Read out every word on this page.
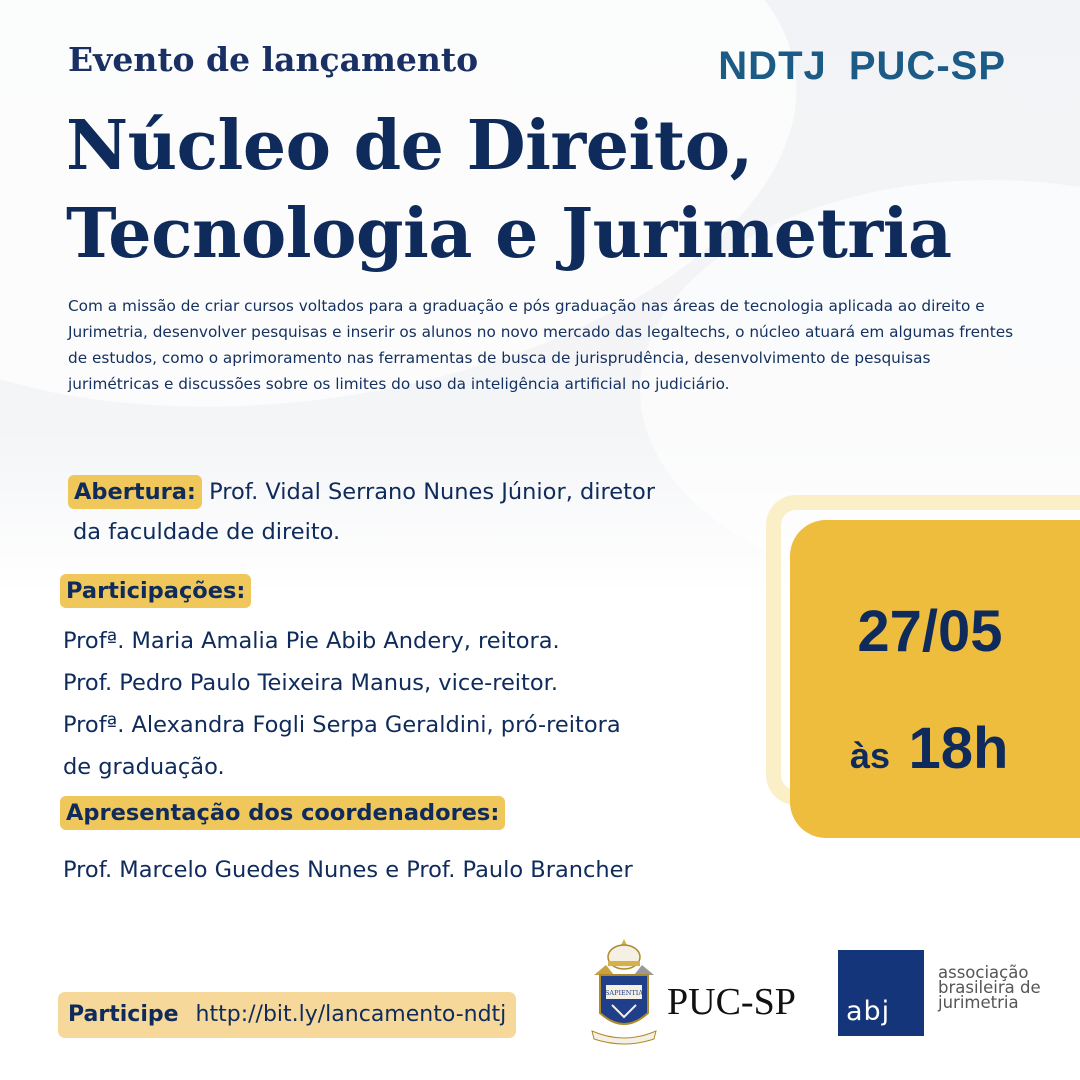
Evento de lançamento	NDTJ PUC-SP
Núcleo de Direito,
Tecnologia e Jurimetria

Com a missão de criar cursos voltados para a graduação e pós graduação nas áreas de tecnologia aplicada ao direito e Jurimetria, desenvolver pesquisas e inserir os alunos no novo mercado das legaltechs, o núcleo atuará em algumas frentes de estudos, como o aprimoramento nas ferramentas de busca de jurisprudência, desenvolvimento de pesquisas jurimétricas e discussões sobre os limites do uso da inteligência artificial no judiciário.

Abertura: Prof. Vidal Serrano Nunes Júnior, diretor
da faculdade de direito.
Participações:
Profª. Maria Amalia Pie Abib Andery, reitora.
Prof. Pedro Paulo Teixeira Manus, vice-reitor.
Profª. Alexandra Fogli Serpa Geraldini, pró-reitora
de graduação.
Apresentação dos coordenadores:
Prof. Marcelo Guedes Nunes e Prof. Paulo Brancher
27/05
às 18h
Participe http://bit.ly/lancamento-ndtj
SAPIENTIA PUC-SP abj
associação
brasileira de
jurimetria
